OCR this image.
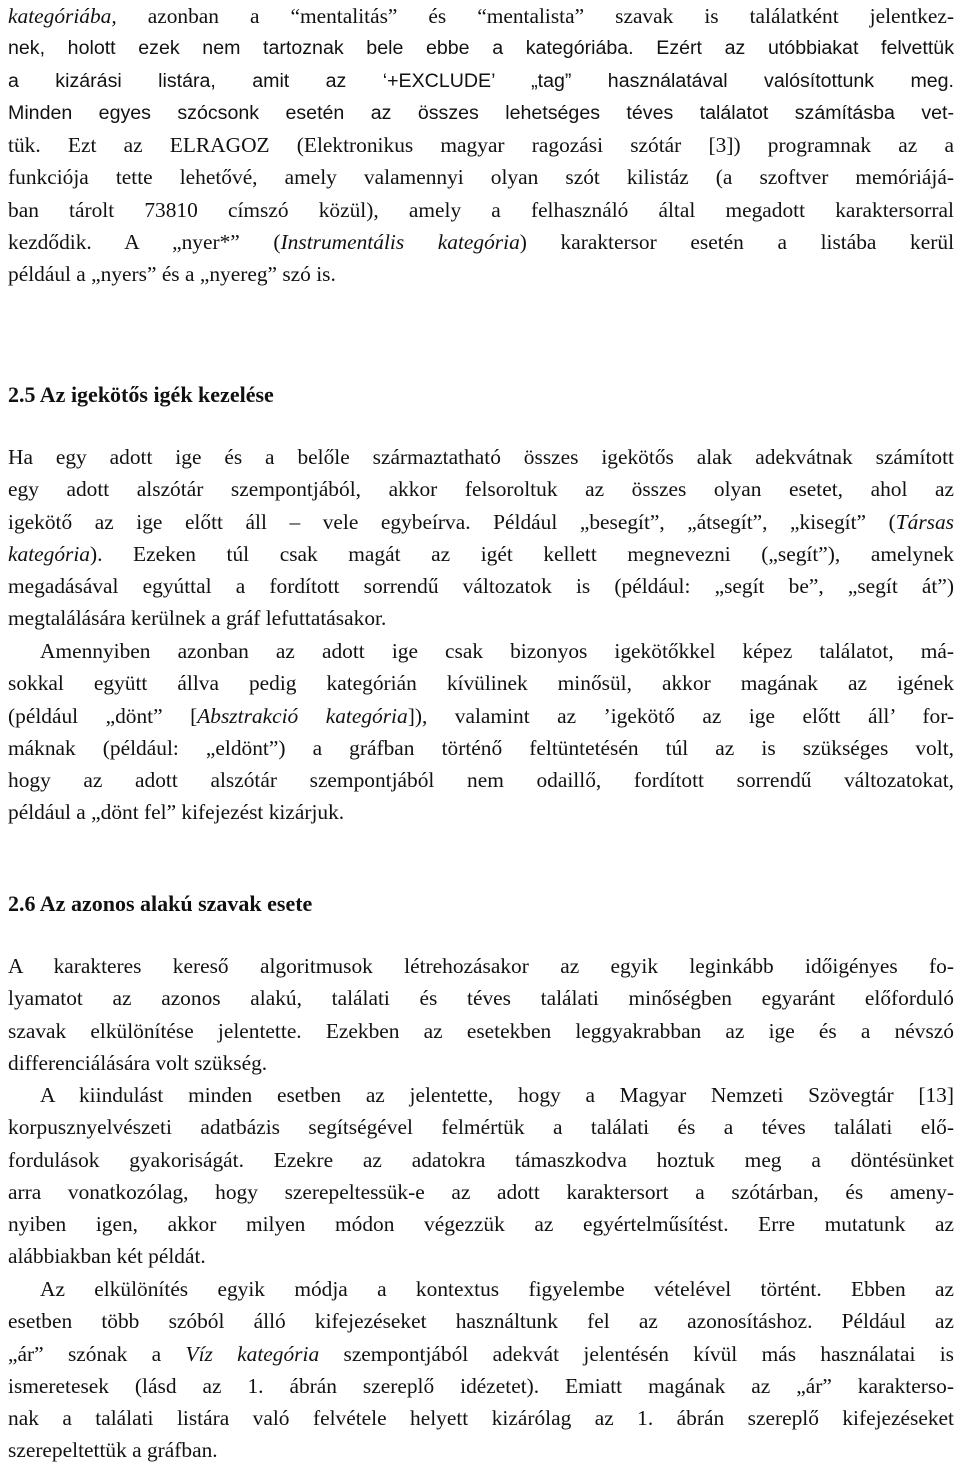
kategóriába, azonban a “mentalitás” és “mentalista” szavak is találatként jelentkez-
nek, holott ezek nem tartoznak bele ebbe a kategóriába. Ezért az utóbbiakat felvettük
a kizárási listára, amit az ‘+EXCLUDE’ „tag” használatával valósítottunk meg.
Minden egyes szócsonk esetén az összes lehetséges téves találatot számításba vet-
tük. Ezt az ELRAGOZ (Elektronikus magyar ragozási szótár [3]) programnak az a
funkciója tette lehetővé, amely valamennyi olyan szót kilistáz (a szoftver memóriájá-
ban tárolt 73810 címszó közül), amely a felhasználó által megadott karaktersorral
kezdődik. A „nyer*” (Instrumentális kategória) karaktersor esetén a listába kerül
például a „nyers” és a „nyereg” szó is.
2.5 Az igekötős igék kezelése
Ha egy adott ige és a belőle származtatható összes igekötős alak adekvátnak számított
egy adott alszótár szempontjából, akkor felsoroltuk az összes olyan esetet, ahol az
igekötő az ige előtt áll – vele egybeírva. Például „besegít”, „átsegít”, „kisegít” (Társas
kategória). Ezeken túl csak magát az igét kellett megnevezni („segít”), amelynek
megadásával egyúttal a fordított sorrendű változatok is (például: „segít be”, „segít át”)
megtalálására kerülnek a gráf lefuttatásakor.
Amennyiben azonban az adott ige csak bizonyos igekötőkkel képez találatot, má-
sokkal együtt állva pedig kategórián kívülinek minősül, akkor magának az igének
(például „dönt” [Absztrakció kategória]), valamint az ’igekötő az ige előtt áll’ for-
máknak (például: „eldönt”) a gráfban történő feltüntetésén túl az is szükséges volt,
hogy az adott alszótár szempontjából nem odaillő, fordított sorrendű változatokat,
például a „dönt fel” kifejezést kizárjuk.
2.6 Az azonos alakú szavak esete
A karakteres kereső algoritmusok létrehozásakor az egyik leginkább időigényes fo-
lyamatot az azonos alakú, találati és téves találati minőségben egyaránt előforduló
szavak elkülönítése jelentette. Ezekben az esetekben leggyakrabban az ige és a névszó
differenciálására volt szükség.
A kiindulást minden esetben az jelentette, hogy a Magyar Nemzeti Szövegtár [13]
korpusznyelvészeti adatbázis segítségével felmértük a találati és a téves találati elő-
fordulások gyakoriságát. Ezekre az adatokra támaszkodva hoztuk meg a döntésünket
arra vonatkozólag, hogy szerepeltessük-e az adott karaktersort a szótárban, és ameny-
nyiben igen, akkor milyen módon végezzük az egyértelműsítést. Erre mutatunk az
alábbiakban két példát.
Az elkülönítés egyik módja a kontextus figyelembe vételével történt. Ebben az
esetben több szóból álló kifejezéseket használtunk fel az azonosításhoz. Például az
„ár” szónak a Víz kategória szempontjából adekvát jelentésén kívül más használatai is
ismeretesek (lásd az 1. ábrán szereplő idézetet). Emiatt magának az „ár” karakterso-
nak a találati listára való felvétele helyett kizárólag az 1. ábrán szereplő kifejezéseket
szerepeltettük a gráfban.
